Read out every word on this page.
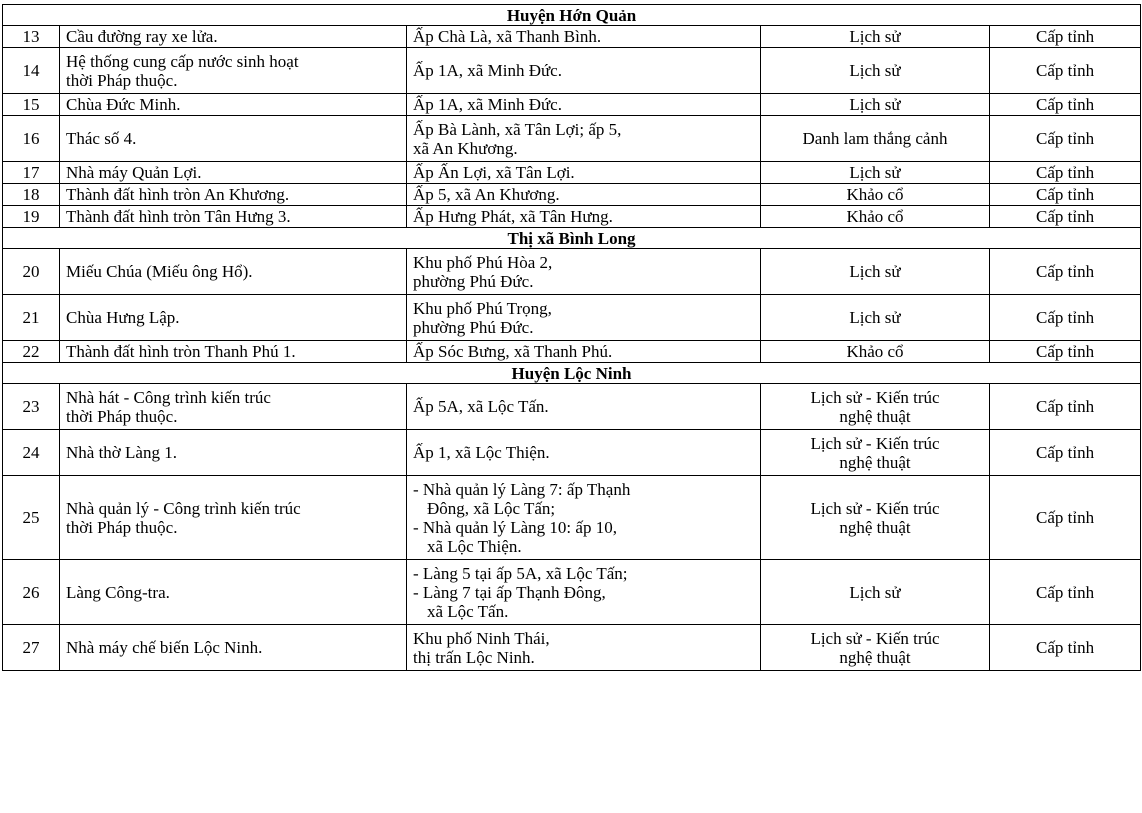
Huyện Hớn Quản				
13	Cầu đường ray xe lửa.	Ấp Chà Là, xã Thanh Bình.	Lịch sử	Cấp tỉnh
14	Hệ thống cung cấp nước sinh hoạt
thời Pháp thuộc.	Ấp 1A, xã Minh Đức.	Lịch sử	Cấp tỉnh
15	Chùa Đức Minh.	Ấp 1A, xã Minh Đức.	Lịch sử	Cấp tỉnh
16	Thác số 4.	Ấp Bà Lành, xã Tân Lợi; ấp 5,
xã An Khương.	Danh lam thắng cảnh	Cấp tỉnh
17	Nhà máy Quản Lợi.	Ấp Ấn Lợi, xã Tân Lợi.	Lịch sử	Cấp tỉnh
18	Thành đất hình tròn An Khương.	Ấp 5, xã An Khương.	Khảo cổ	Cấp tỉnh
19	Thành đất hình tròn Tân Hưng 3.	Ấp Hưng Phát, xã Tân Hưng.	Khảo cổ	Cấp tỉnh
Thị xã Bình Long				
20	Miếu Chúa (Miếu ông Hổ).	Khu phố Phú Hòa 2,
phường Phú Đức.	Lịch sử	Cấp tỉnh
21	Chùa Hưng Lập.	Khu phố Phú Trọng,
phường Phú Đức.	Lịch sử	Cấp tỉnh
22	Thành đất hình tròn Thanh Phú 1.	Ấp Sóc Bưng, xã Thanh Phú.	Khảo cổ	Cấp tỉnh
Huyện Lộc Ninh				
23	Nhà hát - Công trình kiến trúc
thời Pháp thuộc.	Ấp 5A, xã Lộc Tấn.	Lịch sử - Kiến trúc
nghệ thuật	Cấp tỉnh
24	Nhà thờ Làng 1.	Ấp 1, xã Lộc Thiện.	Lịch sử - Kiến trúc
nghệ thuật	Cấp tỉnh
25	Nhà quản lý - Công trình kiến trúc
thời Pháp thuộc.	- Nhà quản lý Làng 7: ấp Thạnh
Đông, xã Lộc Tấn;
- Nhà quản lý Làng 10: ấp 10,
xã Lộc Thiện.	Lịch sử - Kiến trúc
nghệ thuật	Cấp tỉnh
26	Làng Công-tra.	- Làng 5 tại ấp 5A, xã Lộc Tấn;
- Làng 7 tại ấp Thạnh Đông,
xã Lộc Tấn.	Lịch sử	Cấp tỉnh
27	Nhà máy chế biến Lộc Ninh.	Khu phố Ninh Thái,
thị trấn Lộc Ninh.	Lịch sử - Kiến trúc
nghệ thuật	Cấp tỉnh
